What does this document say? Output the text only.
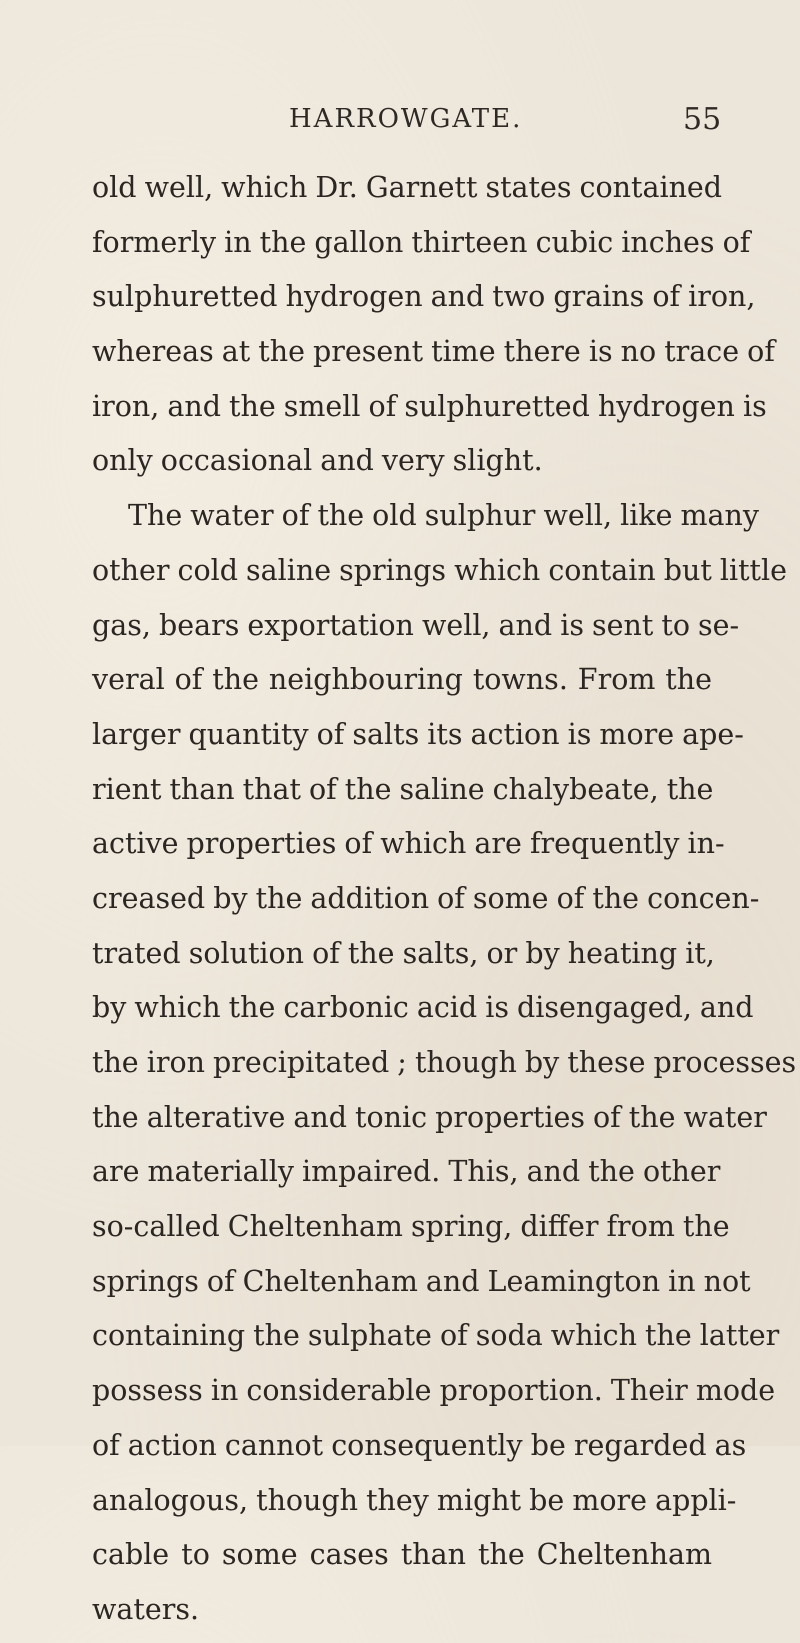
HARROWGATE.	55
old well, which Dr. Garnett states contained
formerly in the gallon thirteen cubic inches of
sulphuretted hydrogen and two grains of iron,
whereas at the present time there is no trace of
iron, and the smell of sulphuretted hydrogen is
only occasional and very slight.
The water of the old sulphur well, like many
other cold saline springs which contain but little
gas, bears exportation well, and is sent to se-
veral of the neighbouring towns. From the
larger quantity of salts its action is more ape-
rient than that of the saline chalybeate, the
active properties of which are frequently in-
creased by the addition of some of the concen-
trated solution of the salts, or by heating it,
by which the carbonic acid is disengaged, and
the iron precipitated ; though by these processes
the alterative and tonic properties of the water
are materially impaired. This, and the other
so-called Cheltenham spring, differ from the
springs of Cheltenham and Leamington in not
containing the sulphate of soda which the latter
possess in considerable proportion. Their mode
of action cannot consequently be regarded as
analogous, though they might be more appli-
cable to some cases than the Cheltenham
waters.
